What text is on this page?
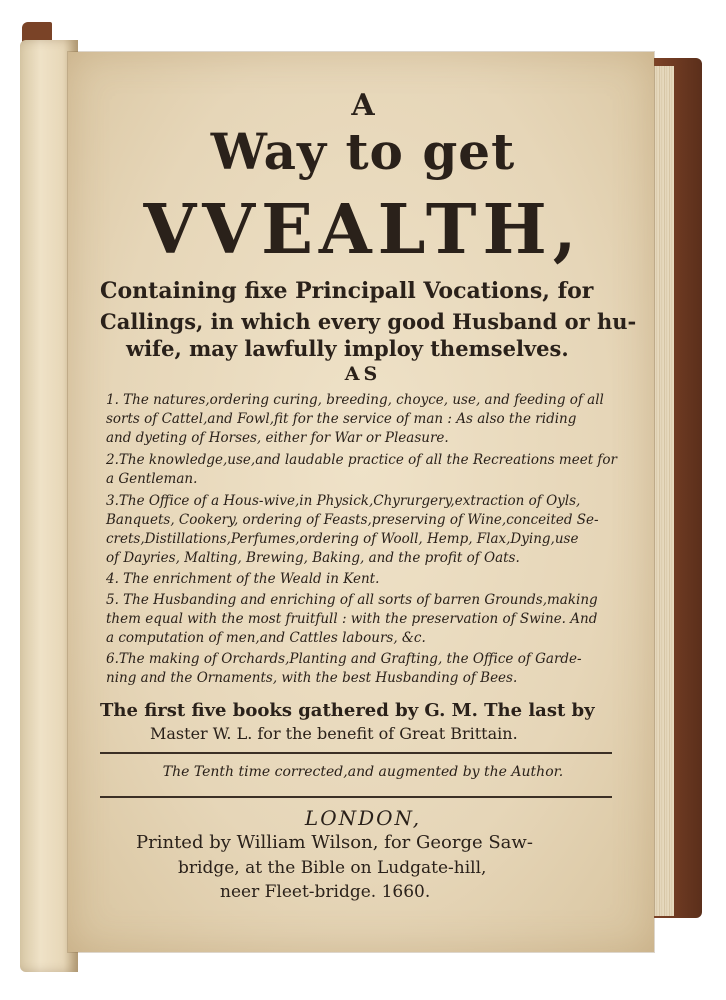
A

Way to get

VVEALTH,

Containing fixe Principall Vocations, for

Callings, in which every good Husband or hu-

wife, may lawfully imploy themselves.

AS

1. The natures,ordering curing, breeding, choyce, use, and feeding of all

sorts of Cattel,and Fowl,fit for the service of man : As also the riding

and dyeting of Horses, either for War or Pleasure.

2.The knowledge,use,and laudable practice of all the Recreations meet for

a Gentleman.

3.The Office of a Hous-wive,in Physick,Chyrurgery,extraction of Oyls,

Banquets, Cookery, ordering of Feasts,preserving of Wine,conceited Se-

crets,Distillations,Perfumes,ordering of Wooll, Hemp, Flax,Dying,use

of Dayries, Malting, Brewing, Baking, and the profit of Oats.

4. The enrichment of the Weald in Kent.

5. The Husbanding and enriching of all sorts of barren Grounds,making

them equal with the most fruitfull : with the preservation of Swine. And

a computation of men,and Cattles labours, &c.

6.The making of Orchards,Planting and Grafting, the Office of Garde-

ning and the Ornaments, with the best Husbanding of Bees.

The first five books gathered by G. M. The last by

Master W. L. for the benefit of Great Brittain.

The Tenth time corrected,and augmented by the Author.

LONDON,

Printed by William Wilson, for George Saw-

bridge, at the Bible on Ludgate-hill,

neer Fleet-bridge. 1660.
